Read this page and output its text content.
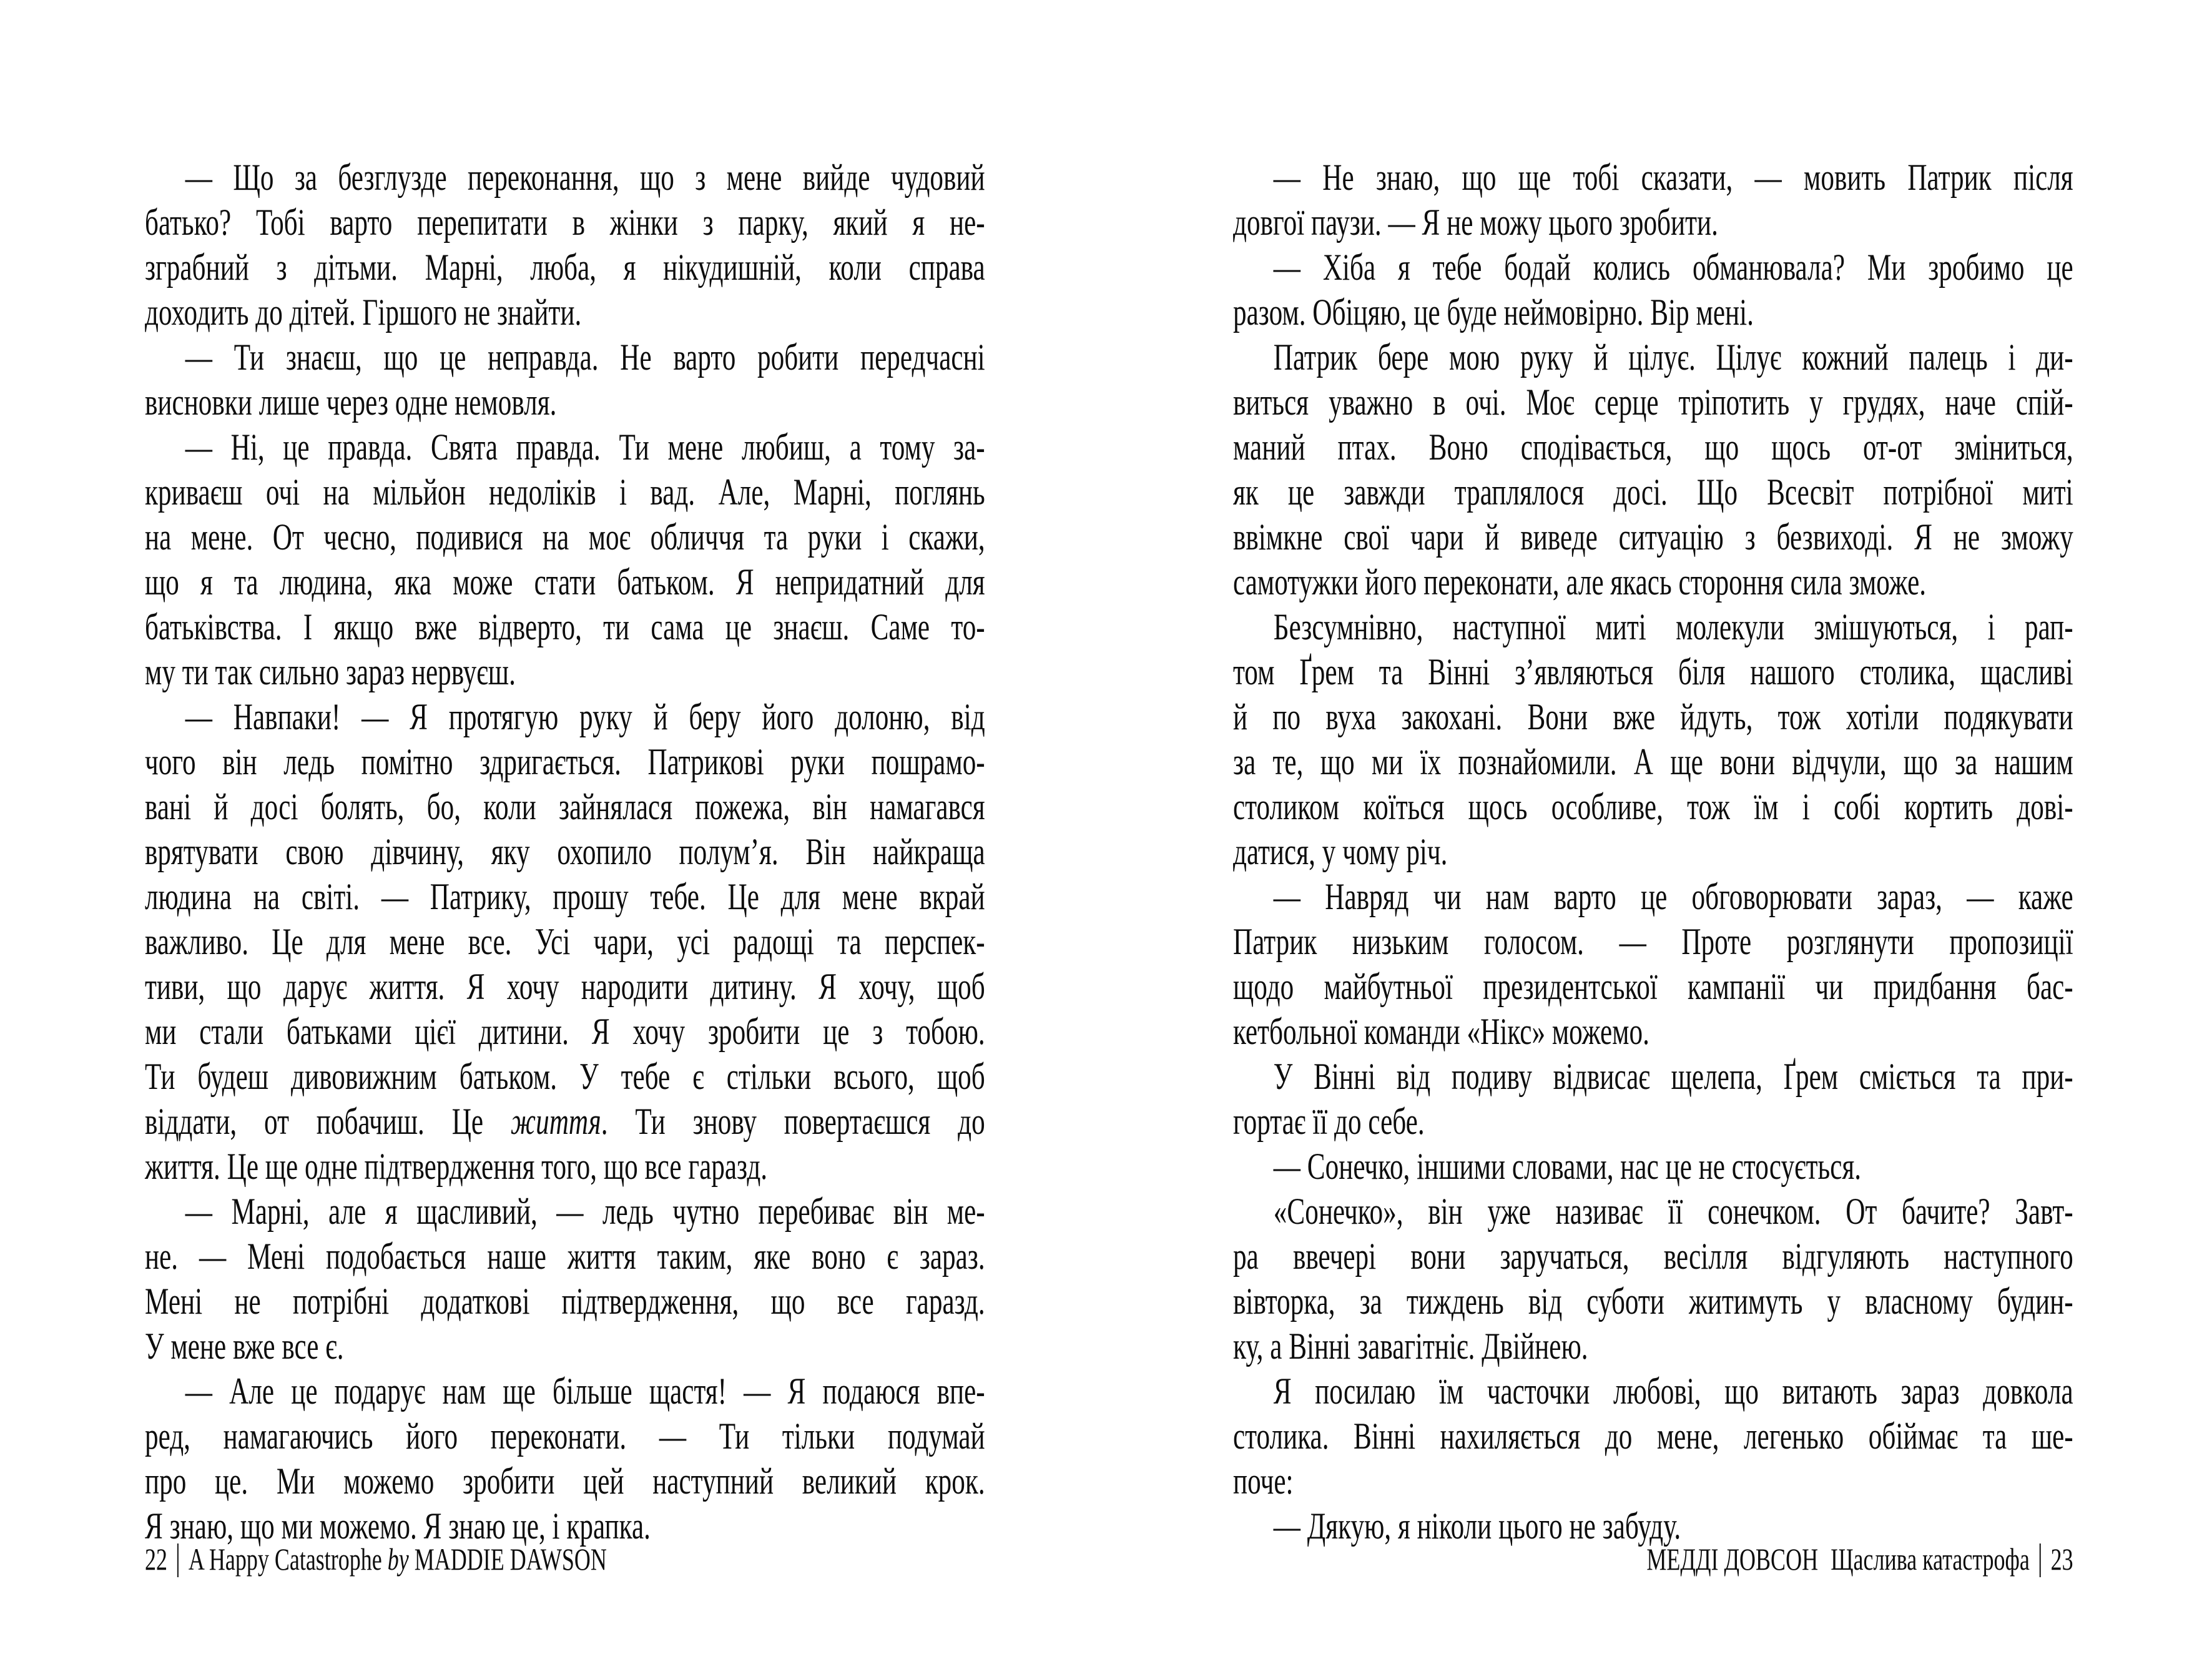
— Що за безглузде переконання, що з мене вийде чудовий
батько? Тобі варто перепитати в жінки з парку, який я не-
зграбний з дітьми. Марні, люба, я нікудишній, коли справа
доходить до дітей. Гіршого не знайти.
— Ти знаєш, що це неправда. Не варто робити передчасні
висновки лише через одне немовля.
— Ні, це правда. Свята правда. Ти мене любиш, а тому за-
криваєш очі на мільйон недоліків і вад. Але, Марні, поглянь
на мене. От чесно, подивися на моє обличчя та руки і скажи,
що я та людина, яка може стати батьком. Я непридатний для
батьківства. І якщо вже відверто, ти сама це знаєш. Саме то-
му ти так сильно зараз нервуєш.
— Навпаки! — Я протягую руку й беру його долоню, від
чого він ледь помітно здригається. Патрикові руки пошрамо-
вані й досі болять, бо, коли зайнялася пожежа, він намагався
врятувати свою дівчину, яку охопило полум’я. Він найкраща
людина на світі. — Патрику, прошу тебе. Це для мене вкрай
важливо. Це для мене все. Усі чари, усі радощі та перспек-
тиви, що дарує життя. Я хочу народити дитину. Я хочу, щоб
ми стали батьками цієї дитини. Я хочу зробити це з тобою.
Ти будеш дивовижним батьком. У тебе є стільки всього, щоб
віддати, от побачиш. Це життя. Ти знову повертаєшся до
життя. Це ще одне підтвердження того, що все гаразд.
— Марні, але я щасливий, — ледь чутно перебиває він ме-
не. — Мені подобається наше життя таким, яке воно є зараз.
Мені не потрібні додаткові підтвердження, що все гаразд.
У мене вже все є.
— Але це подарує нам ще більше щастя! — Я подаюся впе-
ред, намагаючись його переконати. — Ти тільки подумай
про це. Ми можемо зробити цей наступний великий крок.
Я знаю, що ми можемо. Я знаю це, і крапка.
— Не знаю, що ще тобі сказати, — мовить Патрик після
довгої паузи. — Я не можу цього зробити.
— Хіба я тебе бодай колись обманювала? Ми зробимо це
разом. Обіцяю, це буде неймовірно. Вір мені.
Патрик бере мою руку й цілує. Цілує кожний палець і ди-
виться уважно в очі. Моє серце тріпотить у грудях, наче спій-
маний птах. Воно сподівається, що щось от-от зміниться,
як це завжди траплялося досі. Що Всесвіт потрібної миті
ввімкне свої чари й виведе ситуацію з безвиході. Я не зможу
самотужки його переконати, але якась стороння сила зможе.
Безсумнівно, наступної миті молекули змішуються, і рап-
том Ґрем та Вінні з’являються біля нашого столика, щасливі
й по вуха закохані. Вони вже йдуть, тож хотіли подякувати
за те, що ми їх познайомили. А ще вони відчули, що за нашим
столиком коїться щось особливе, тож їм і собі кортить дові-
датися, у чому річ.
— Навряд чи нам варто це обговорювати зараз, — каже
Патрик низьким голосом. — Проте розглянути пропозиції
щодо майбутньої президентської кампанії чи придбання бас-
кетбольної команди «Нікс» можемо.
У Вінні від подиву відвисає щелепа, Ґрем сміється та при-
гортає її до себе.
— Сонечко, іншими словами, нас це не стосується.
«Сонечко», він уже називає її сонечком. От бачите? Завт-
ра ввечері вони заручаться, весілля відгуляють наступного
вівторка, за тиждень від суботи житимуть у власному будин-
ку, а Вінні завагітніє. Двійнею.
Я посилаю їм часточки любові, що витають зараз довкола
столика. Вінні нахиляється до мене, легенько обіймає та ше-
поче:
— Дякую, я ніколи цього не забуду.
22 A Happy Catastrophe by MADDIE DAWSON	МЕДДІ ДОВСОН Щаслива катастрофа 23
